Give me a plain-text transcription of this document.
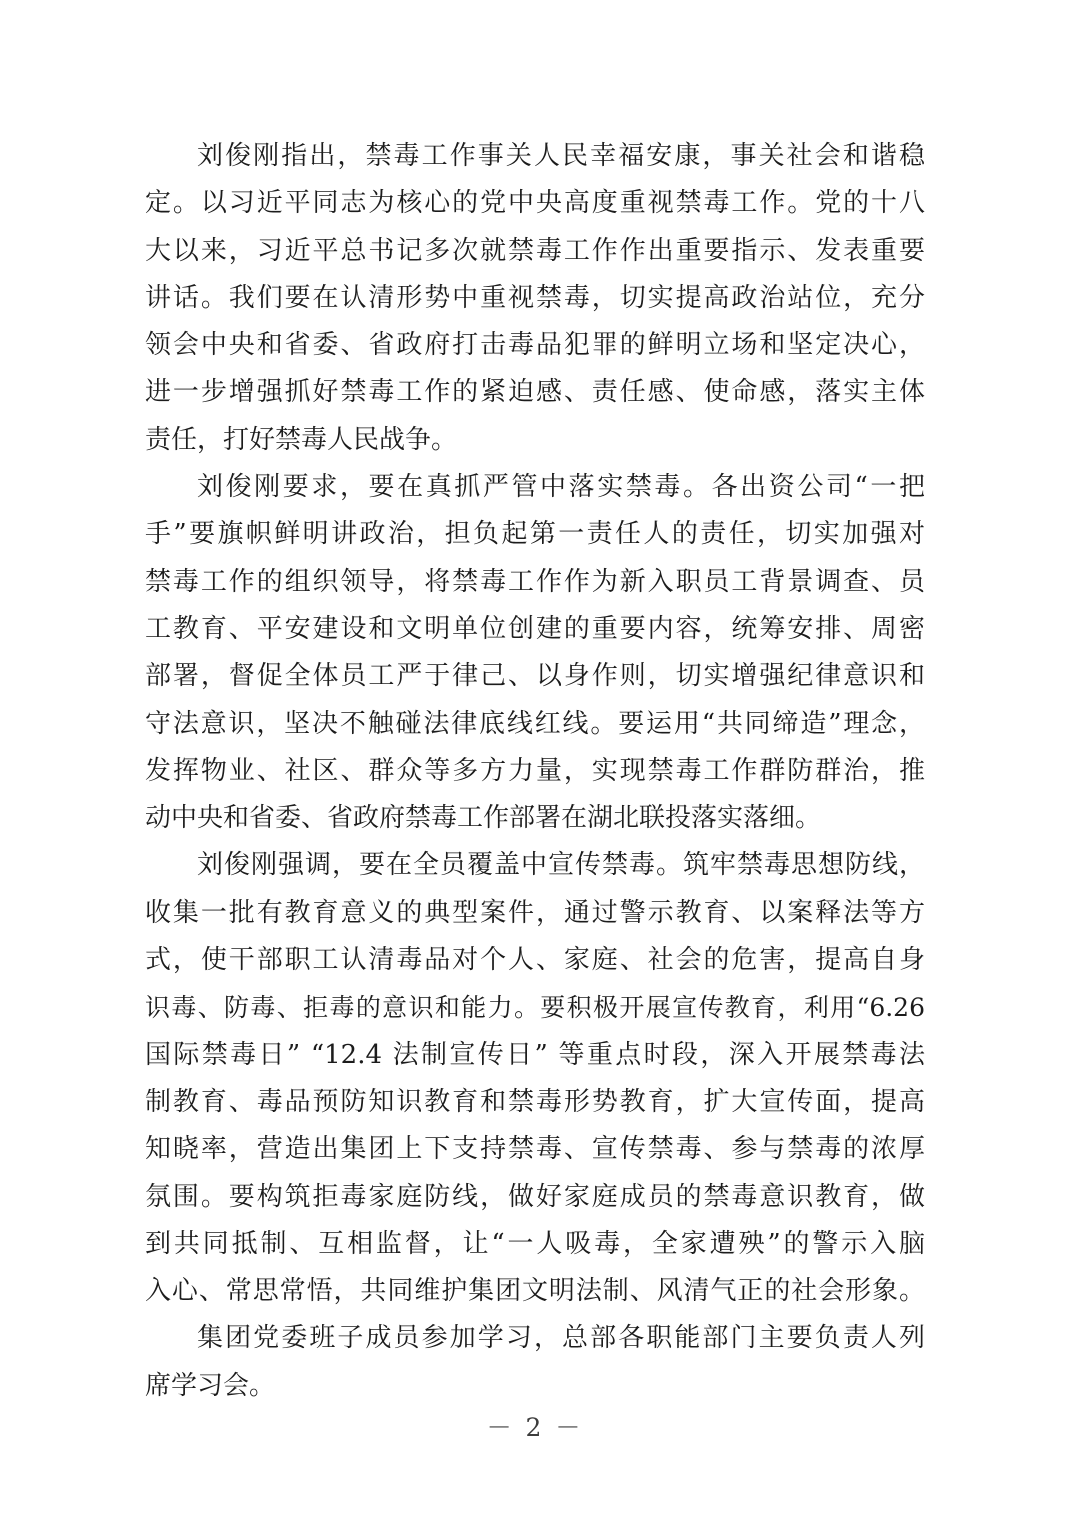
刘俊刚指出，禁毒工作事关人民幸福安康，事关社会和谐稳
定。以习近平同志为核心的党中央高度重视禁毒工作。党的十八
大以来，习近平总书记多次就禁毒工作作出重要指示、发表重要
讲话。我们要在认清形势中重视禁毒，切实提高政治站位，充分
领会中央和省委、省政府打击毒品犯罪的鲜明立场和坚定决心，
进一步增强抓好禁毒工作的紧迫感、责任感、使命感，落实主体
责任，打好禁毒人民战争。
刘俊刚要求，要在真抓严管中落实禁毒。各出资公司“一把
手”要旗帜鲜明讲政治，担负起第一责任人的责任，切实加强对
禁毒工作的组织领导，将禁毒工作作为新入职员工背景调查、员
工教育、平安建设和文明单位创建的重要内容，统筹安排、周密
部署，督促全体员工严于律己、以身作则，切实增强纪律意识和
守法意识，坚决不触碰法律底线红线。要运用“共同缔造”理念，
发挥物业、社区、群众等多方力量，实现禁毒工作群防群治，推
动中央和省委、省政府禁毒工作部署在湖北联投落实落细。
刘俊刚强调，要在全员覆盖中宣传禁毒。筑牢禁毒思想防线，
收集一批有教育意义的典型案件，通过警示教育、以案释法等方
式，使干部职工认清毒品对个人、家庭、社会的危害，提高自身
识毒、防毒、拒毒的意识和能力。要积极开展宣传教育，利用“6.26
国际禁毒日” “12.4 法制宣传日” 等重点时段，深入开展禁毒法
制教育、毒品预防知识教育和禁毒形势教育，扩大宣传面，提高
知晓率，营造出集团上下支持禁毒、宣传禁毒、参与禁毒的浓厚
氛围。要构筑拒毒家庭防线，做好家庭成员的禁毒意识教育，做
到共同抵制、互相监督，让“一人吸毒，全家遭殃”的警示入脑
入心、常思常悟，共同维护集团文明法制、风清气正的社会形象。
集团党委班子成员参加学习，总部各职能部门主要负责人列
席学习会。
－ 2 －
